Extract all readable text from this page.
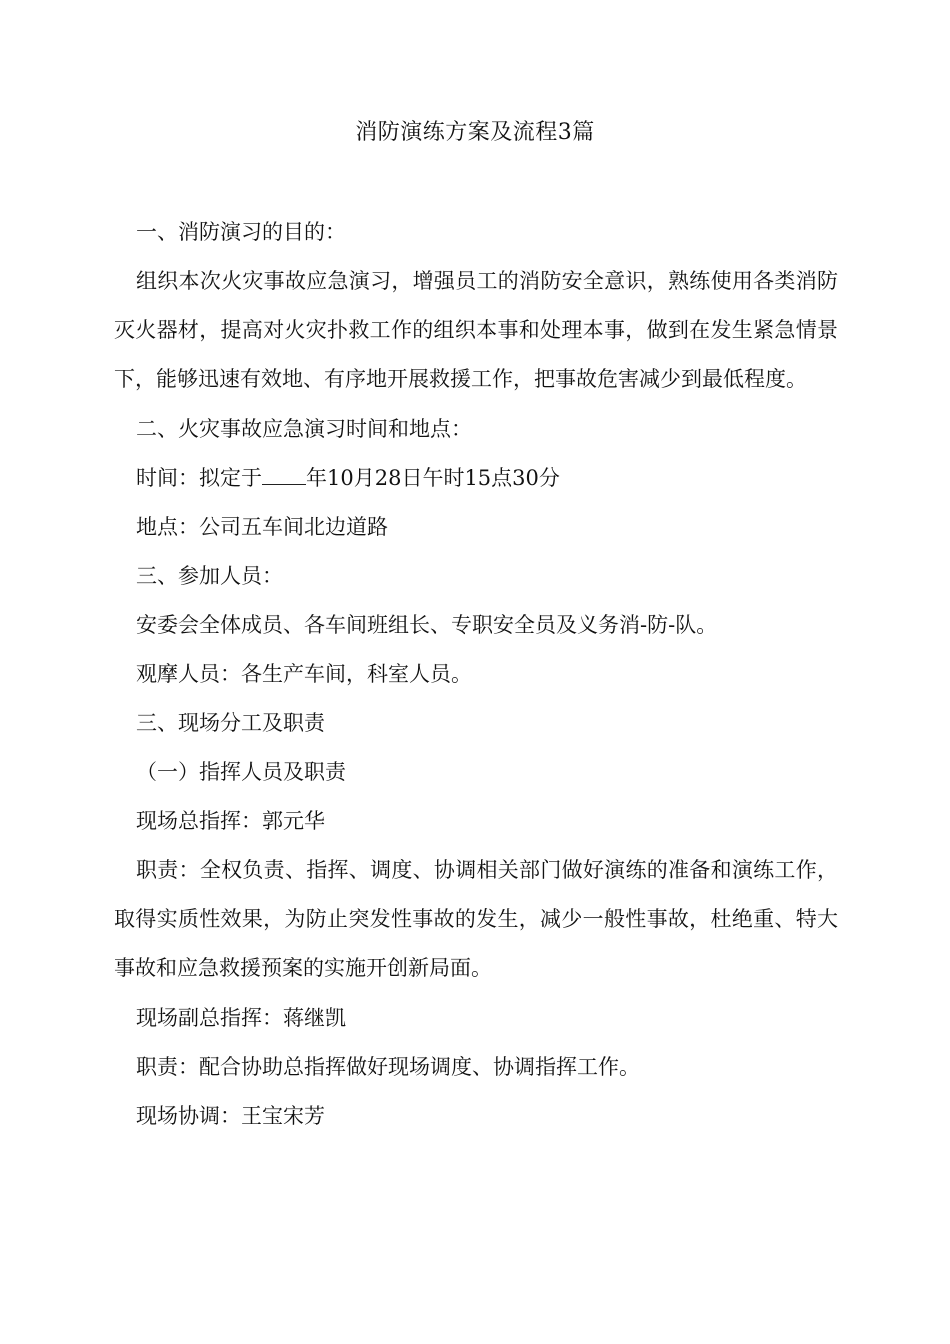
消防演练方案及流程3篇

一、消防演习的目的：

组织本次火灾事故应急演习，增强员工的消防安全意识，熟练使用各类消防灭火器材，提高对火灾扑救工作的组织本事和处理本事，做到在发生紧急情景下，能够迅速有效地、有序地开展救援工作，把事故危害减少到最低程度。

二、火灾事故应急演习时间和地点：

时间：拟定于 年10月28日午时15点30分

地点：公司五车间北边道路

三、参加人员：

安委会全体成员、各车间班组长、专职安全员及义务消-防-队。

观摩人员：各生产车间，科室人员。

三、现场分工及职责

（一）指挥人员及职责

现场总指挥：郭元华

职责：全权负责、指挥、调度、协调相关部门做好演练的准备和演练工作，取得实质性效果，为防止突发性事故的发生，减少一般性事故，杜绝重、特大事故和应急救援预案的实施开创新局面。

现场副总指挥：蒋继凯

职责：配合协助总指挥做好现场调度、协调指挥工作。

现场协调：王宝宋芳
